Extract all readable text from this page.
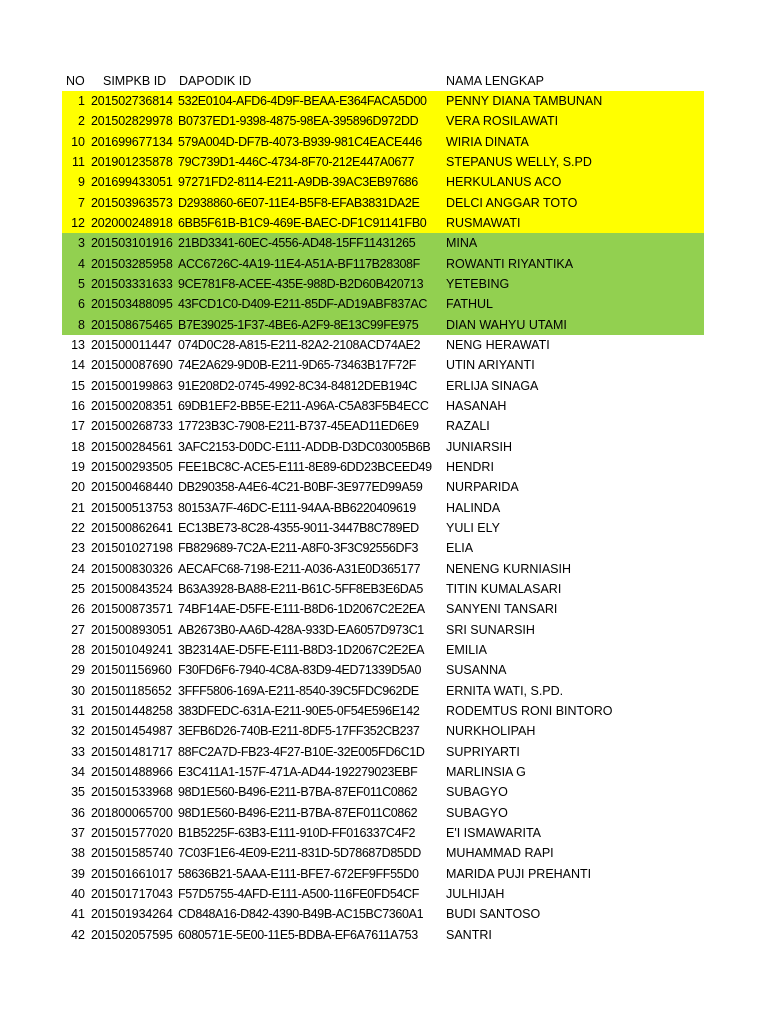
NO SIMPKB ID DAPODIK ID	NAMA LENGKAP
1 201502736814 532E0104-AFD6-4D9F-BEAA-E364FACA5D00 PENNY DIANA TAMBUNAN
2 201502829978 B0737ED1-9398-4875-98EA-395896D972DD VERA ROSILAWATI
10 201699677134 579A004D-DF7B-4073-B939-981C4EACE446 WIRIA DINATA
11 201901235878 79C739D1-446C-4734-8F70-212E447A0677	STEPANUS WELLY, S.PD
9 201699433051 97271FD2-8114-E211-A9DB-39AC3EB97686 HERKULANUS ACO
7 201503963573 D2938860-6E07-11E4-B5F8-EFAB3831DA2E DELCI ANGGAR TOTO
12 202000248918 6BB5F61B-B1C9-469E-BAEC-DF1C91141FB0 RUSMAWATI
3 201503101916 21BD3341-60EC-4556-AD48-15FF11431265 MINA
4 201503285958 ACC6726C-4A19-11E4-A51A-BF117B28308F ROWANTI RIYANTIKA
5 201503331633 9CE781F8-ACEE-435E-988D-B2D60B420713 YETEBING
6 201503488095 43FCD1C0-D409-E211-85DF-AD19ABF837AC FATHUL
8 201508675465 B7E39025-1F37-4BE6-A2F9-8E13C99FE975 DIAN WAHYU UTAMI
13 201500011447 074D0C28-A815-E211-82A2-2108ACD74AE2 NENG HERAWATI
14 201500087690 74E2A629-9D0B-E211-9D65-73463B17F72F UTIN ARIYANTI
15 201500199863 91E208D2-0745-4992-8C34-84812DEB194C ERLIJA SINAGA
16 201500208351 69DB1EF2-BB5E-E211-A96A-C5A83F5B4ECC HASANAH
17 201500268733 17723B3C-7908-E211-B737-45EAD11ED6E9 RAZALI
18 201500284561 3AFC2153-D0DC-E111-ADDB-D3DC03005B6B JUNIARSIH
19 201500293505 FEE1BC8C-ACE5-E111-8E89-6DD23BCEED49 HENDRI
20 201500468440 DB290358-A4E6-4C21-B0BF-3E977ED99A59 NURPARIDA
21 201500513753 80153A7F-46DC-E111-94AA-BB6220409619 HALINDA
22 201500862641 EC13BE73-8C28-4355-9011-3447B8C789ED YULI ELY
23 201501027198 FB829689-7C2A-E211-A8F0-3F3C92556DF3 ELIA
24 201500830326 AECAFC68-7198-E211-A036-A31E0D365177 NENENG KURNIASIH
25 201500843524 B63A3928-BA88-E211-B61C-5FF8EB3E6DA5 TITIN KUMALASARI
26 201500873571 74BF14AE-D5FE-E111-B8D6-1D2067C2E2EA SANYENI TANSARI
27 201500893051 AB2673B0-AA6D-428A-933D-EA6057D973C1 SRI SUNARSIH
28 201501049241 3B2314AE-D5FE-E111-B8D3-1D2067C2E2EA EMILIA
29 201501156960 F30FD6F6-7940-4C8A-83D9-4ED71339D5A0 SUSANNA
30 201501185652 3FFF5806-169A-E211-8540-39C5FDC962DE ERNITA WATI, S.PD.
31 201501448258 383DFEDC-631A-E211-90E5-0F54E596E142 RODEMTUS RONI BINTORO
32 201501454987 3EFB6D26-740B-E211-8DF5-17FF352CB237 NURKHOLIPAH
33 201501481717 88FC2A7D-FB23-4F27-B10E-32E005FD6C1D SUPRIYARTI
34 201501488966 E3C411A1-157F-471A-AD44-192279023EBF MARLINSIA G
35 201501533968 98D1E560-B496-E211-B7BA-87EF011C0862 SUBAGYO
36 201800065700 98D1E560-B496-E211-B7BA-87EF011C0862 SUBAGYO
37 201501577020 B1B5225F-63B3-E111-910D-FF016337C4F2 E'I ISMAWARITA
38 201501585740 7C03F1E6-4E09-E211-831D-5D78687D85DD MUHAMMAD RAPI
39 201501661017 58636B21-5AAA-E111-BFE7-672EF9FF55D0 MARIDA PUJI PREHANTI
40 201501717043 F57D5755-4AFD-E111-A500-116FE0FD54CF JULHIJAH
41 201501934264 CD848A16-D842-4390-B49B-AC15BC7360A1 BUDI SANTOSO
42 201502057595 6080571E-5E00-11E5-BDBA-EF6A7611A753 SANTRI
